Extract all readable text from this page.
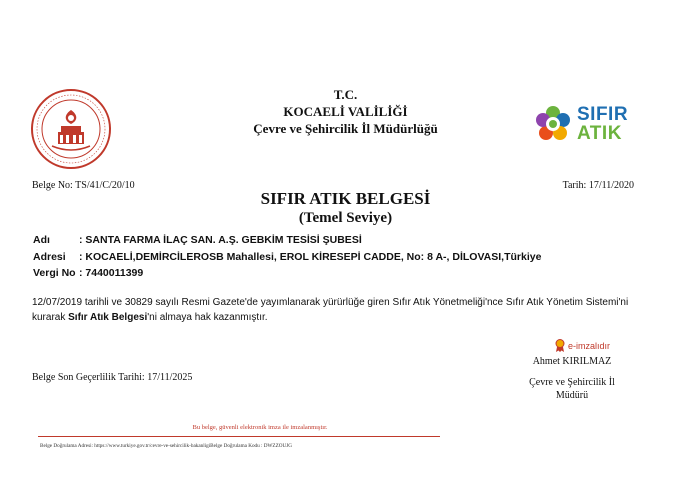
T.C.
KOCAELİ VALİLİĞİ
Çevre ve Şehircilik İl Müdürlüğü
SIFIR
ATIK
Belge No: TS/41/C/20/10	Tarih: 17/11/2020
SIFIR ATIK BELGESİ
(Temel Seviye)
Adı	: SANTA FARMA İLAÇ SAN. A.Ş. GEBKİM TESİSİ ŞUBESİ
Adresi : KOCAELİ,DEMİRCİLEROSB Mahallesi, EROL KİRESEPİ CADDE, No: 8 A-, DİLOVASI,Türkiye
Vergi No : 7440011399
12/07/2019 tarihli ve 30829 sayılı Resmi Gazete'de yayımlanarak yürürlüğe giren Sıfır Atık Yönetmeliği'nce Sıfır Atık Yönetim Sistemi'ni kurarak Sıfır Atık Belgesi'ni almaya hak kazanmıştır.
e-imzalıdır
Ahmet KIRILMAZ
Çevre ve Şehircilik İl
Müdürü
Belge Son Geçerlilik Tarihi: 17/11/2025
Bu belge, güvenli elektronik imza ile imzalanmıştır.
Belge Doğrulama Adresi: https://www.turkiye.gov.tr/cevre-ve-sehircilik-bakanligiBelge Doğrulama Kodu : DWZZOUJG
